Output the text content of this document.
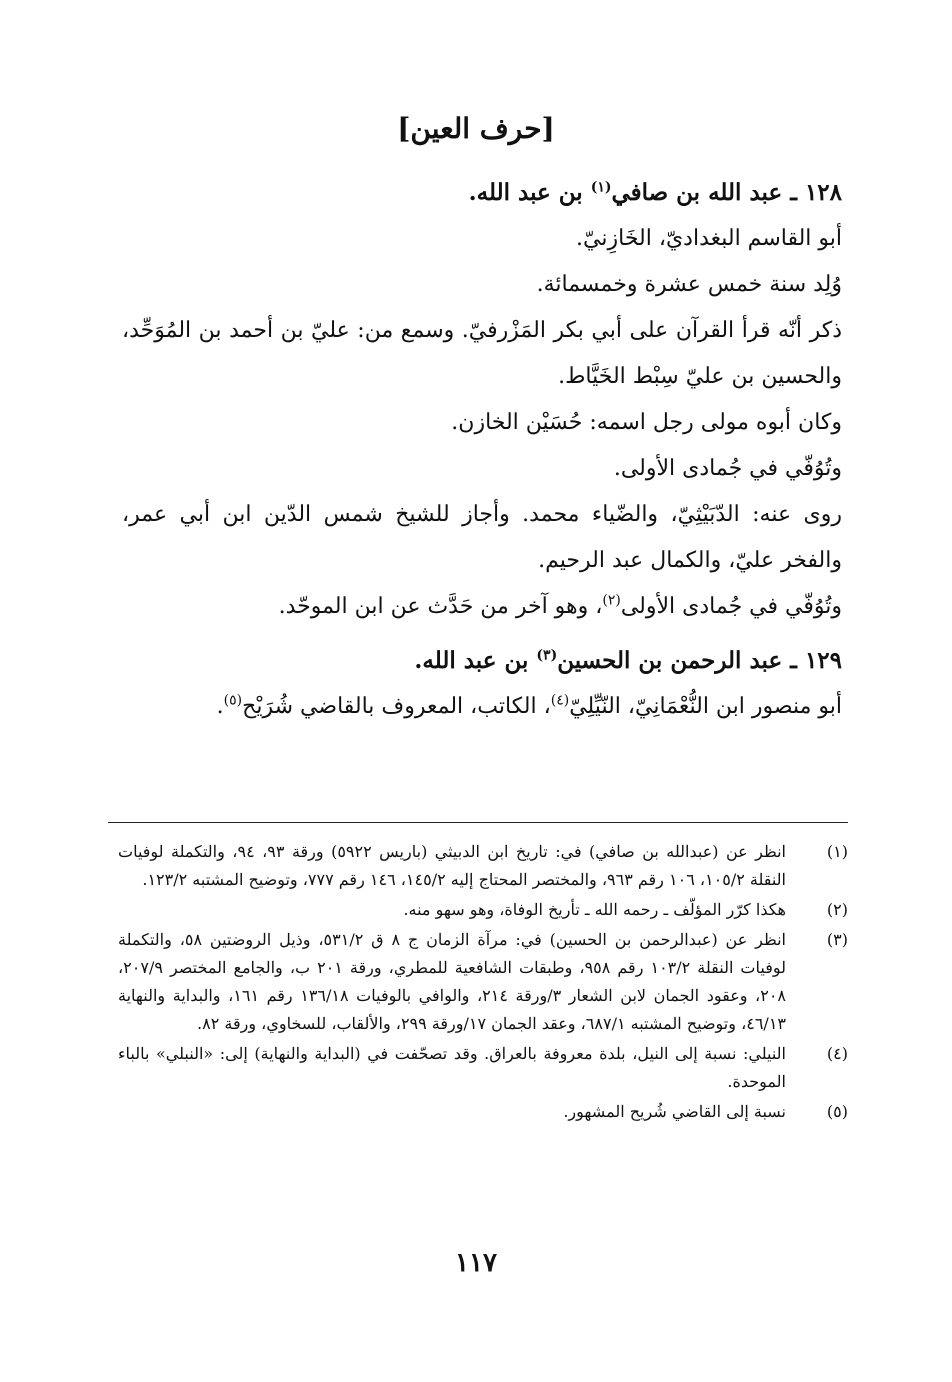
[حرف العين]

١٢٨ ـ عبد الله بن صافي$^{(١)}$ بن عبد الله.

أبو القاسم البغداديّ، الخَازِنيّ.

وُلِد سنة خمس عشرة وخمسمائة.

ذكر أنّه قرأ القرآن على أبي بكر المَزْرفيّ. وسمع من: عليّ بن أحمد بن المُوَحِّد، والحسين بن عليّ سِبْط الخَيَّاط.

وكان أبوه مولى رجل اسمه: حُسَيْن الخازن.

وتُوُفّي في جُمادى الأولى.

روى عنه: الدّبَيْثِيّ، والضّياء محمد. وأجاز للشيخ شمس الدّين ابن أبي عمر، والفخر عليّ، والكمال عبد الرحيم.

وتُوُفّي في جُمادى الأولى$^{(٢)}$، وهو آخر من حَدَّث عن ابن الموحّد.

١٢٩ ـ عبد الرحمن بن الحسين$^{(٣)}$ بن عبد الله.

أبو منصور ابن النُّعْمَانِيّ، النّيِّلِيّ$^{(٤)}$، الكاتب، المعروف بالقاضي شُرَيْح$^{(٥)}$.

(١)
انظر عن (عبدالله بن صافي) في: تاريخ ابن الدبيثي (باريس ٥٩٢٢) ورقة ٩٣، ٩٤، والتكملة لوفيات النقلة ١٠٥/٢، ١٠٦ رقم ٩٦٣، والمختصر المحتاج إليه ١٤٥/٢، ١٤٦ رقم ٧٧٧، وتوضيح المشتبه ١٢٣/٢.
(٢)
هكذا كرّر المؤلّف ـ رحمه الله ـ تأريخ الوفاة، وهو سهو منه.
(٣)
انظر عن (عبدالرحمن بن الحسين) في: مرآة الزمان ج ٨ ق ٥٣١/٢، وذيل الروضتين ٥٨، والتكملة لوفيات النقلة ١٠٣/٢ رقم ٩٥٨، وطبقات الشافعية للمطري، ورقة ٢٠١ ب، والجامع المختصر ٢٠٧/٩، ٢٠٨، وعقود الجمان لابن الشعار ٣/ورقة ٢١٤، والوافي بالوفيات ١٣٦/١٨ رقم ١٦١، والبداية والنهاية ٤٦/١٣، وتوضيح المشتبه ٦٨٧/١، وعقد الجمان ١٧/ورقة ٢٩٩، والألقاب، للسخاوي، ورقة ٨٢.
(٤)
النيلي: نسبة إلى النيل، بلدة معروفة بالعراق. وقد تصحّفت في (البداية والنهاية) إلى: «النبلي» بالباء الموحدة.
(٥)
نسبة إلى القاضي شُريح المشهور.
١١٧
